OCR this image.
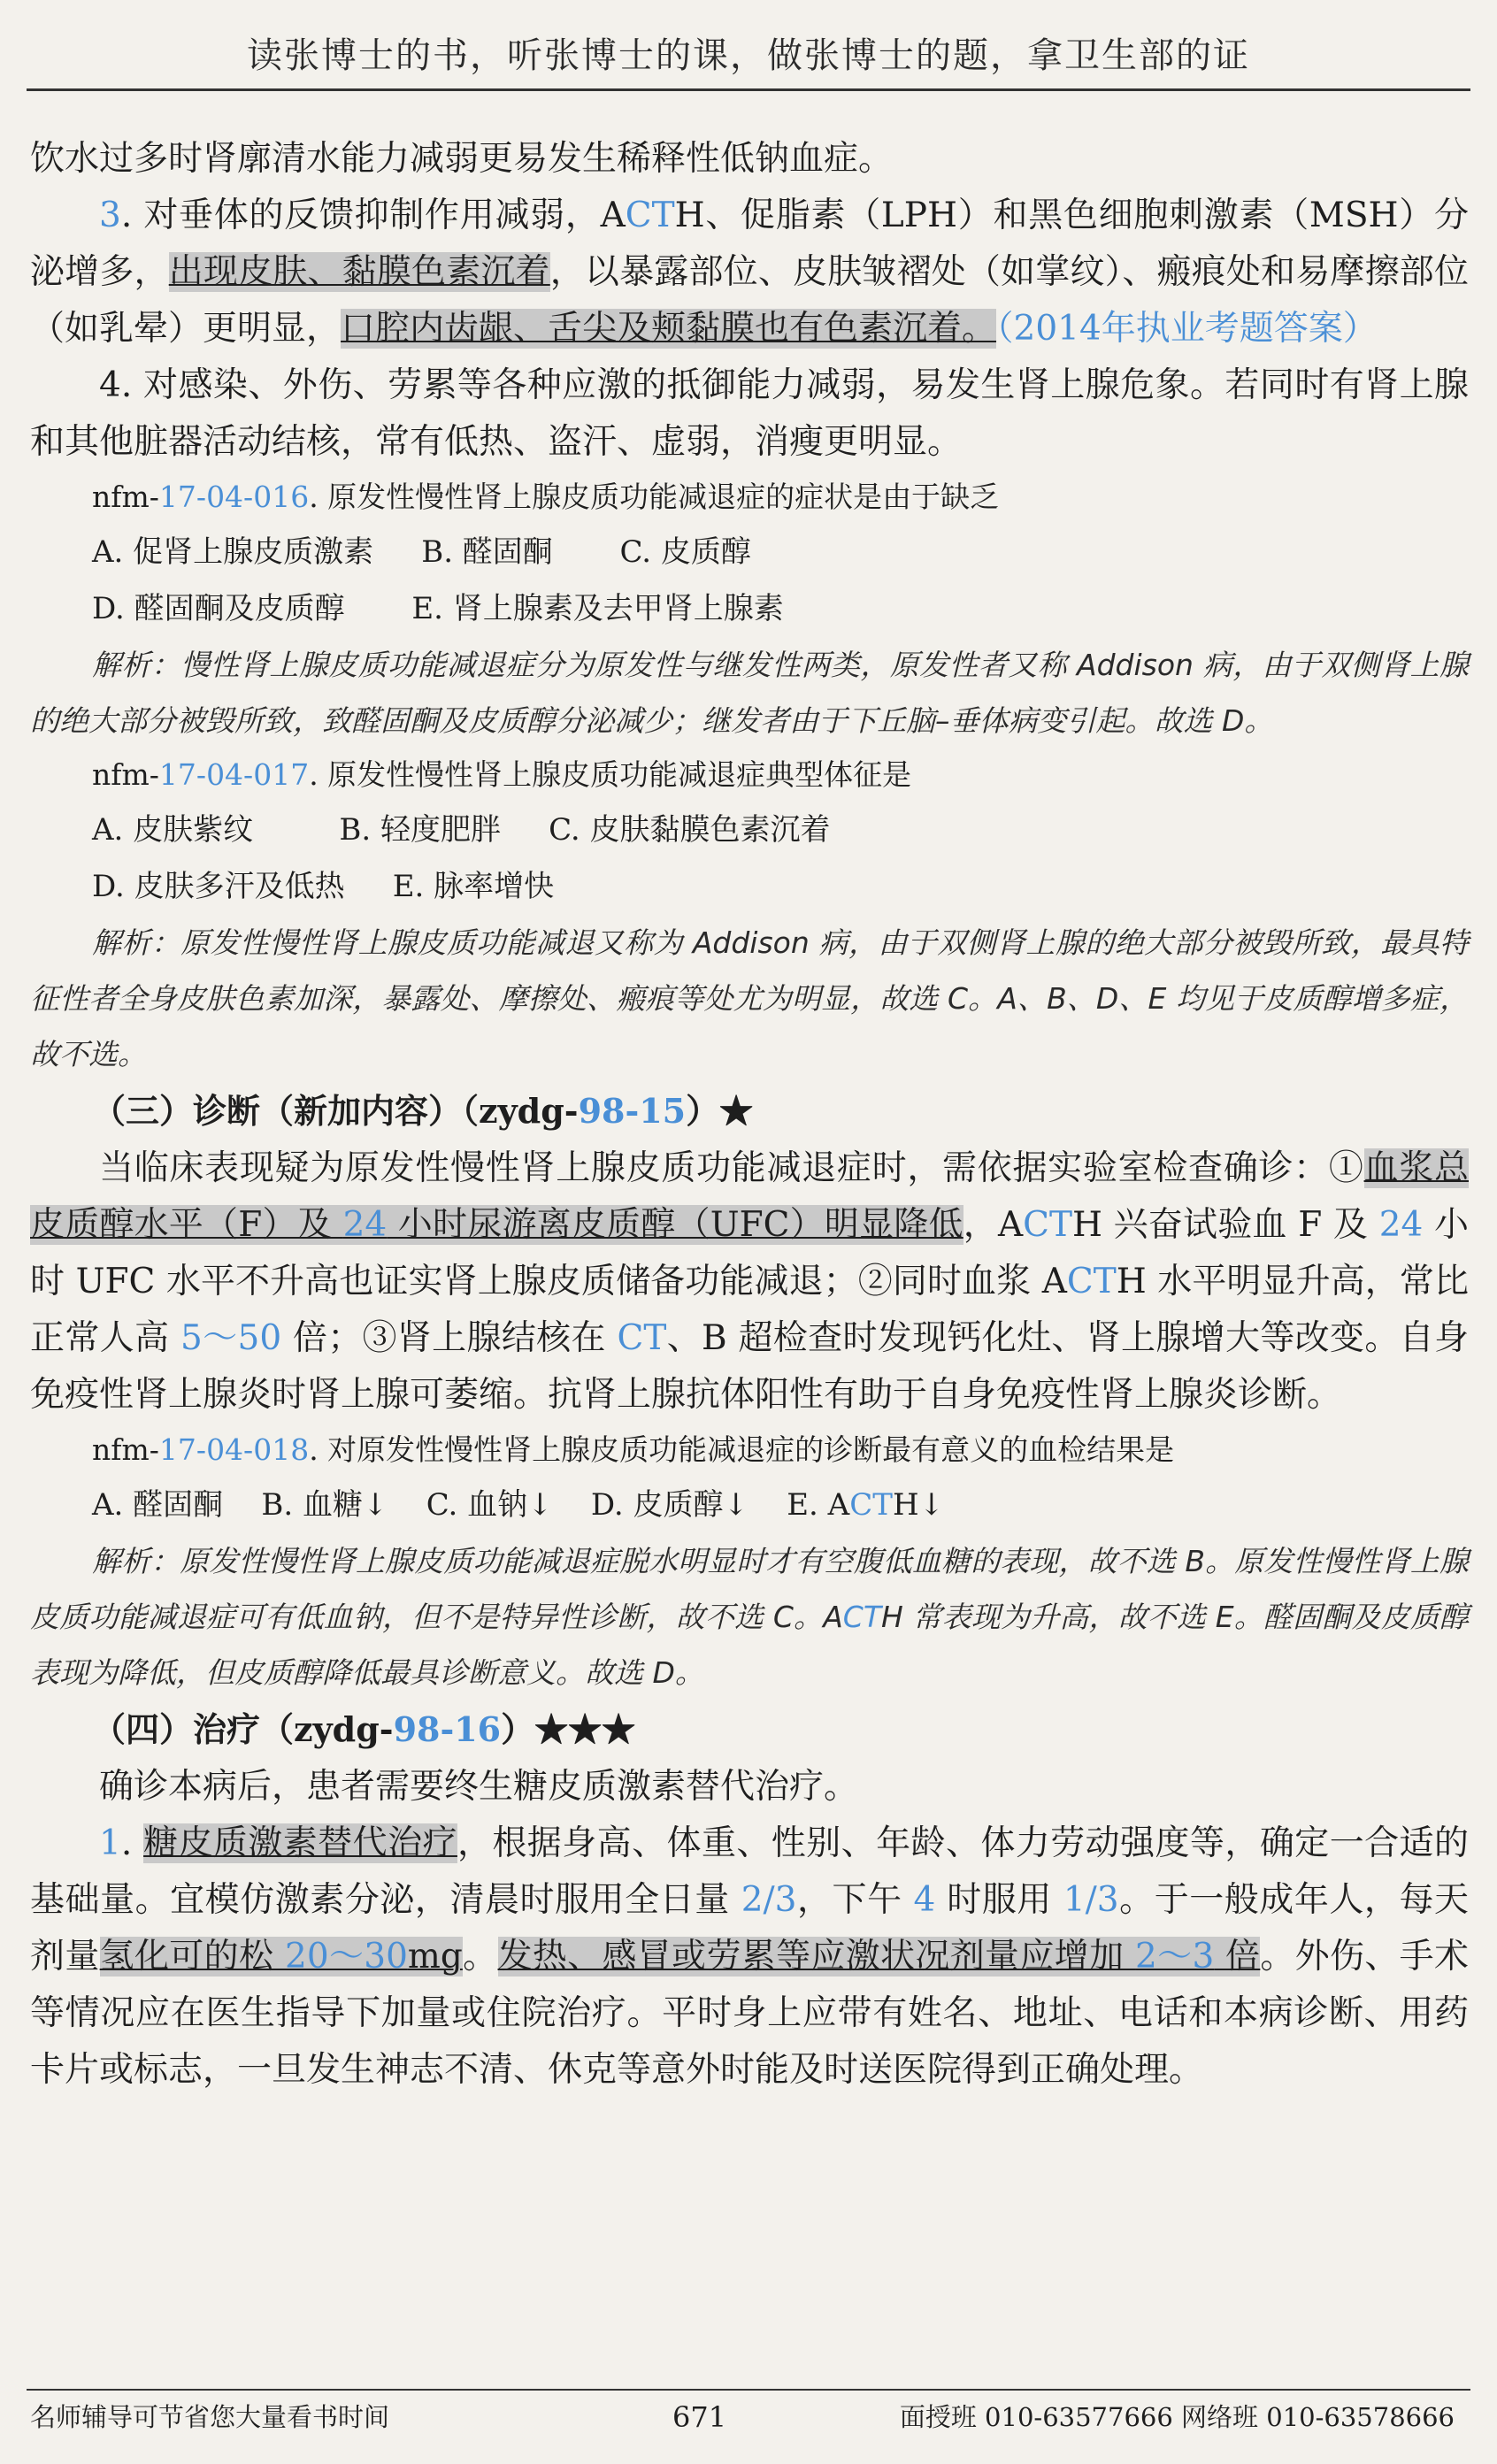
读张博士的书，听张博士的课，做张博士的题，拿卫生部的证

饮水过多时肾廓清水能力减弱更易发生稀释性低钠血症。

3. 对垂体的反馈抑制作用减弱，ACTH、促脂素（LPH）和黑色细胞刺激素（MSH）分泌增多，出现皮肤、黏膜色素沉着，以暴露部位、皮肤皱褶处（如掌纹）、瘢痕处和易摩擦部位（如乳晕）更明显，口腔内齿龈、舌尖及颊黏膜也有色素沉着。（2014年执业考题答案）

4. 对感染、外伤、劳累等各种应激的抵御能力减弱，易发生肾上腺危象。若同时有肾上腺和其他脏器活动结核，常有低热、盗汗、虚弱，消瘦更明显。

nfm-17-04-016. 原发性慢性肾上腺皮质功能减退症的症状是由于缺乏

A. 促肾上腺皮质激素     B. 醛固酮       C. 皮质醇

D. 醛固酮及皮质醇       E. 肾上腺素及去甲肾上腺素

解析：慢性肾上腺皮质功能减退症分为原发性与继发性两类，原发性者又称 Addison 病，由于双侧肾上腺的绝大部分被毁所致，致醛固酮及皮质醇分泌减少；继发者由于下丘脑–垂体病变引起。故选 D。

nfm-17-04-017. 原发性慢性肾上腺皮质功能减退症典型体征是

A. 皮肤紫纹         B. 轻度肥胖     C. 皮肤黏膜色素沉着

D. 皮肤多汗及低热     E. 脉率增快

解析：原发性慢性肾上腺皮质功能减退又称为 Addison 病，由于双侧肾上腺的绝大部分被毁所致，最具特征性者全身皮肤色素加深，暴露处、摩擦处、瘢痕等处尤为明显，故选 C。A、B、D、E 均见于皮质醇增多症，故不选。

（三）诊断（新加内容）（zydg-98-15）★

当临床表现疑为原发性慢性肾上腺皮质功能减退症时，需依据实验室检查确诊：①血浆总皮质醇水平（F）及 24 小时尿游离皮质醇（UFC）明显降低，ACTH 兴奋试验血 F 及 24 小时 UFC 水平不升高也证实肾上腺皮质储备功能减退；②同时血浆 ACTH 水平明显升高，常比正常人高 5～50 倍；③肾上腺结核在 CT、B 超检查时发现钙化灶、肾上腺增大等改变。自身免疫性肾上腺炎时肾上腺可萎缩。抗肾上腺抗体阳性有助于自身免疫性肾上腺炎诊断。

nfm-17-04-018. 对原发性慢性肾上腺皮质功能减退症的诊断最有意义的血检结果是

A. 醛固酮    B. 血糖↓    C. 血钠↓    D. 皮质醇↓    E. ACTH↓

解析：原发性慢性肾上腺皮质功能减退症脱水明显时才有空腹低血糖的表现，故不选 B。原发性慢性肾上腺皮质功能减退症可有低血钠，但不是特异性诊断，故不选 C。ACTH 常表现为升高，故不选 E。醛固酮及皮质醇表现为降低，但皮质醇降低最具诊断意义。故选 D。

（四）治疗（zydg-98-16）★★★

确诊本病后，患者需要终生糖皮质激素替代治疗。

1. 糖皮质激素替代治疗，根据身高、体重、性别、年龄、体力劳动强度等，确定一合适的基础量。宜模仿激素分泌，清晨时服用全日量 2/3，下午 4 时服用 1/3。于一般成年人，每天剂量氢化可的松 20～30mg。发热、感冒或劳累等应激状况剂量应增加 2～3 倍。外伤、手术等情况应在医生指导下加量或住院治疗。平时身上应带有姓名、地址、电话和本病诊断、用药卡片或标志，一旦发生神志不清、休克等意外时能及时送医院得到正确处理。

名师辅导可节省您大量看书时间	671	面授班 010-63577666 网络班 010-63578666
